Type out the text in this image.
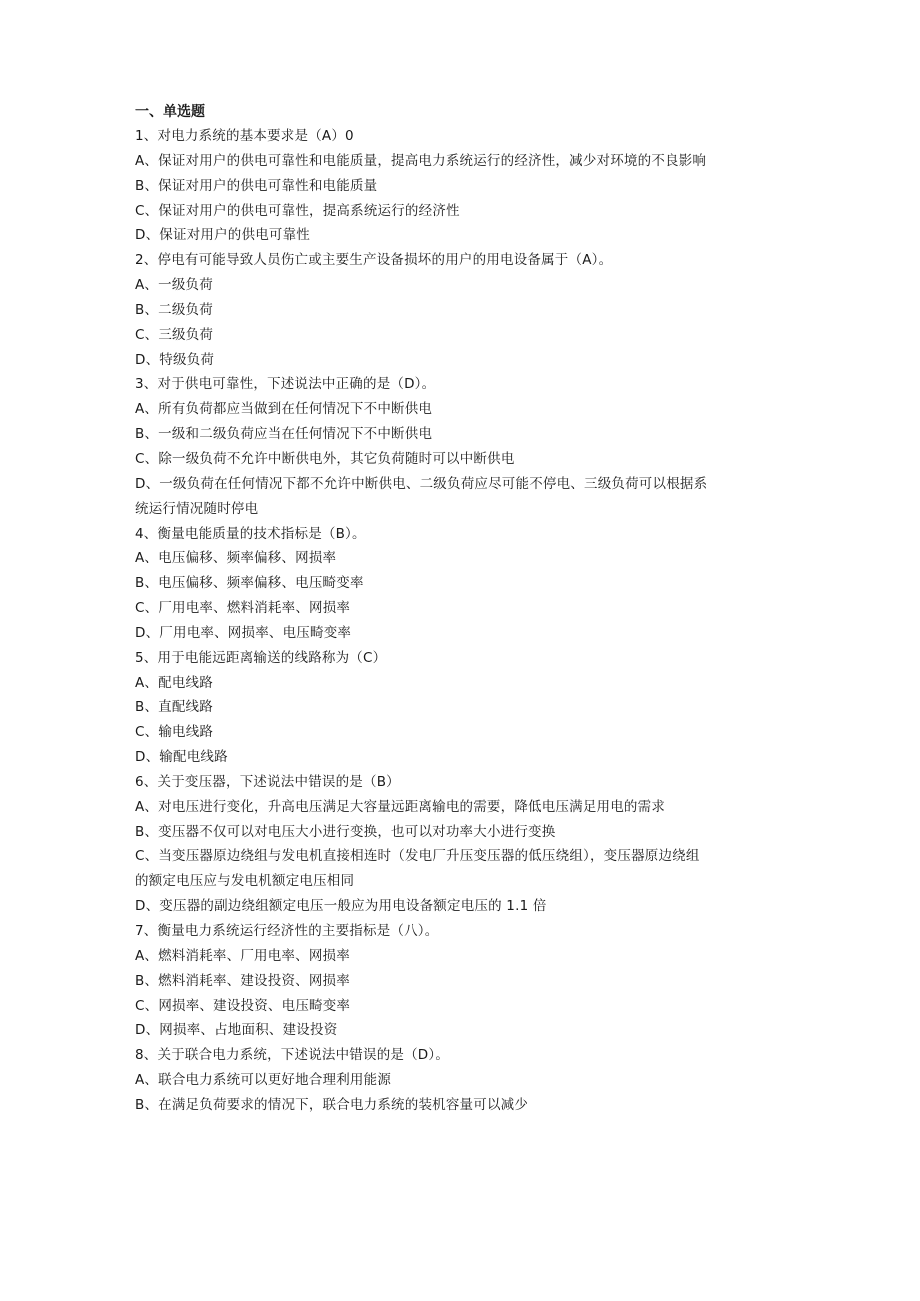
一、单选题
1、对电力系统的基本要求是（A）0
A、保证对用户的供电可靠性和电能质量，提高电力系统运行的经济性，减少对环境的不良影响
B、保证对用户的供电可靠性和电能质量
C、保证对用户的供电可靠性，提高系统运行的经济性
D、保证对用户的供电可靠性
2、停电有可能导致人员伤亡或主要生产设备损坏的用户的用电设备属于（A）。
A、一级负荷
B、二级负荷
C、三级负荷
D、特级负荷
3、对于供电可靠性，下述说法中正确的是（D）。
A、所有负荷都应当做到在任何情况下不中断供电
B、一级和二级负荷应当在任何情况下不中断供电
C、除一级负荷不允许中断供电外，其它负荷随时可以中断供电
D、一级负荷在任何情况下都不允许中断供电、二级负荷应尽可能不停电、三级负荷可以根据系
统运行情况随时停电
4、衡量电能质量的技术指标是（B）。
A、电压偏移、频率偏移、网损率
B、电压偏移、频率偏移、电压畸变率
C、厂用电率、燃料消耗率、网损率
D、厂用电率、网损率、电压畸变率
5、用于电能远距离输送的线路称为（C）
A、配电线路
B、直配线路
C、输电线路
D、输配电线路
6、关于变压器，下述说法中错误的是（B）
A、对电压进行变化，升高电压满足大容量远距离输电的需要，降低电压满足用电的需求
B、变压器不仅可以对电压大小进行变换，也可以对功率大小进行变换
C、当变压器原边绕组与发电机直接相连时（发电厂升压变压器的低压绕组），变压器原边绕组
的额定电压应与发电机额定电压相同
D、变压器的副边绕组额定电压一般应为用电设备额定电压的 1.1 倍
7、衡量电力系统运行经济性的主要指标是（八）。
A、燃料消耗率、厂用电率、网损率
B、燃料消耗率、建设投资、网损率
C、网损率、建设投资、电压畸变率
D、网损率、占地面积、建设投资
8、关于联合电力系统，下述说法中错误的是（D）。
A、联合电力系统可以更好地合理利用能源
B、在满足负荷要求的情况下，联合电力系统的装机容量可以减少
